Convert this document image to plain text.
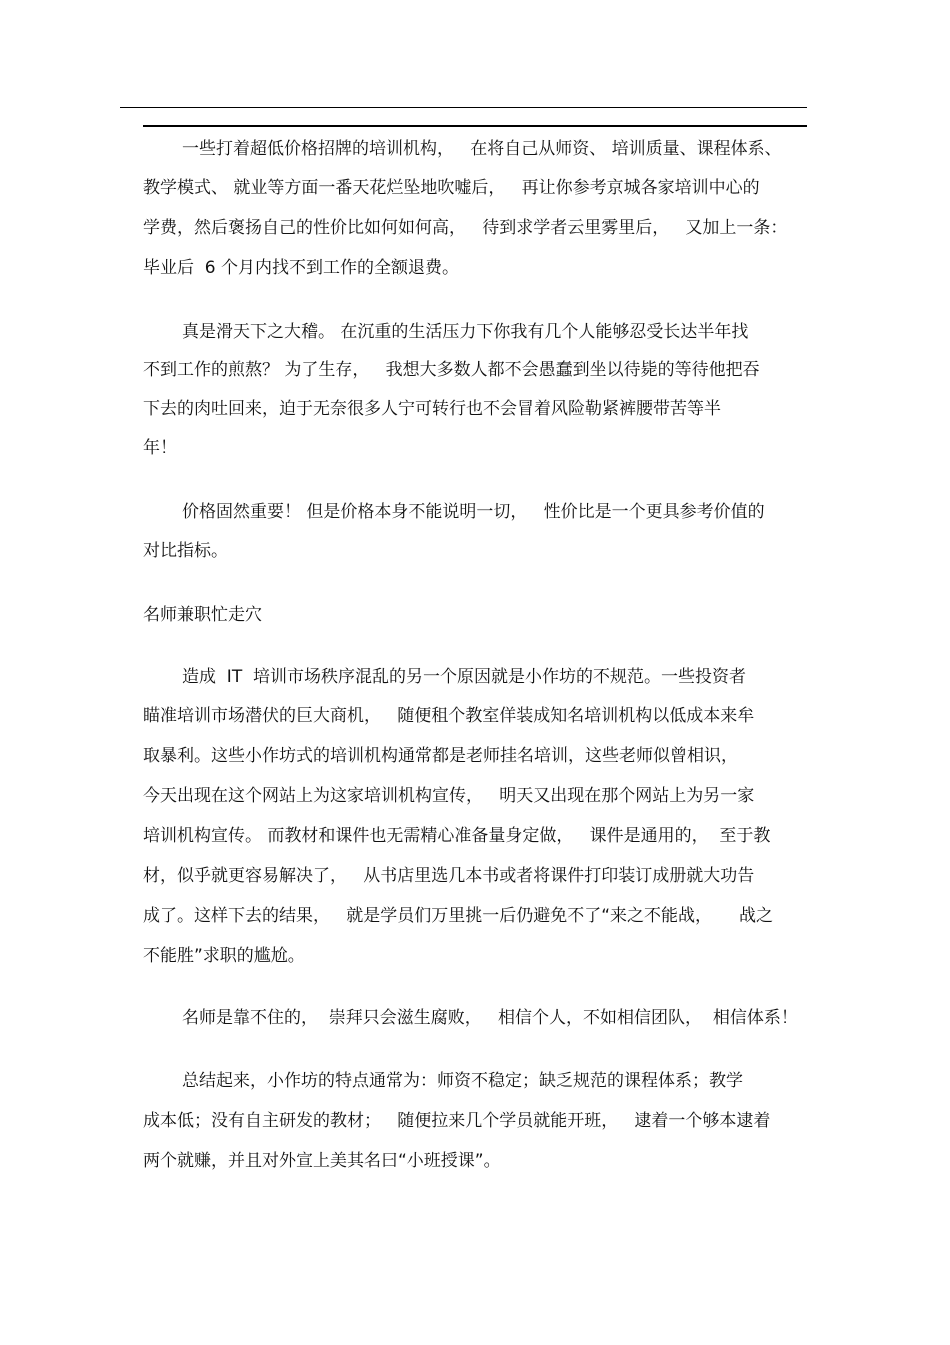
一些打着超低价格招牌的培训机构，   在将自己从师资、 培训质量、课程体系、

教学模式、 就业等方面一番天花烂坠地吹嘘后，   再让你参考京城各家培训中心的

学费，然后褒扬自己的性价比如何如何高，   待到求学者云里雾里后，   又加上一条：

毕业后  6 个月内找不到工作的全额退费。

真是滑天下之大稽。 在沉重的生活压力下你我有几个人能够忍受长达半年找

不到工作的煎熬？ 为了生存，   我想大多数人都不会愚蠢到坐以待毙的等待他把吞

下去的肉吐回来，迫于无奈很多人宁可转行也不会冒着风险勒紧裤腰带苦等半

年！

价格固然重要！ 但是价格本身不能说明一切，   性价比是一个更具参考价值的

对比指标。

名师兼职忙走穴

造成  IT  培训市场秩序混乱的另一个原因就是小作坊的不规范。一些投资者

瞄准培训市场潜伏的巨大商机，   随便租个教室佯装成知名培训机构以低成本来牟

取暴利。这些小作坊式的培训机构通常都是老师挂名培训，这些老师似曾相识，

今天出现在这个网站上为这家培训机构宣传，   明天又出现在那个网站上为另一家

培训机构宣传。 而教材和课件也无需精心准备量身定做，   课件是通用的，  至于教

材，似乎就更容易解决了，   从书店里选几本书或者将课件打印装订成册就大功告

成了。这样下去的结果，   就是学员们万里挑一后仍避免不了“来之不能战，     战之

不能胜”求职的尴尬。

名师是靠不住的，  崇拜只会滋生腐败，   相信个人，不如相信团队，  相信体系！

总结起来，小作坊的特点通常为：师资不稳定；缺乏规范的课程体系；教学

成本低；没有自主研发的教材；   随便拉来几个学员就能开班，   逮着一个够本逮着

两个就赚，并且对外宣上美其名曰“小班授课”。
